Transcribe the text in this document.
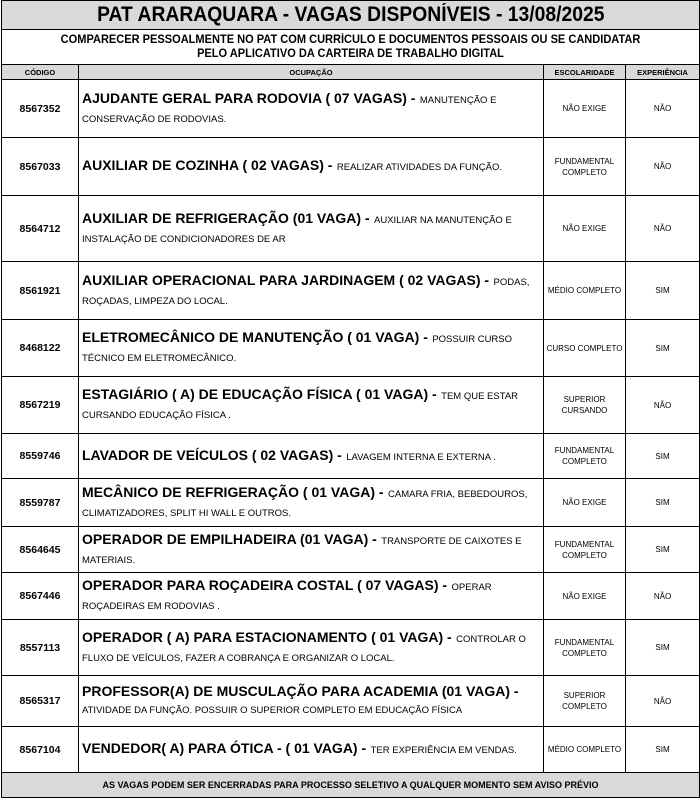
PAT ARARAQUARA - VAGAS DISPONÍVEIS - 13/08/2025			

COMPARECER PESSOALMENTE NO PAT COM CURRÍCULO E DOCUMENTOS PESSOAIS OU SE CANDIDATAR
PELO APLICATIVO DA CARTEIRA DE TRABALHO DIGITAL			

CÓDIGO	OCUPAÇÃO	ESCOLARIDADE	EXPERIÊNCIA
8567352	AJUDANTE GERAL PARA RODOVIA ( 07 VAGAS) - MANUTENÇÃO E CONSERVAÇÃO DE RODOVIAS.	NÃO EXIGE	NÃO
8567033	AUXILIAR DE COZINHA ( 02 VAGAS) - REALIZAR ATIVIDADES DA FUNÇÃO.	FUNDAMENTAL COMPLETO	NÃO
8564712	AUXILIAR DE REFRIGERAÇÃO (01 VAGA) - AUXILIAR NA MANUTENÇÃO E INSTALAÇÃO DE CONDICIONADORES DE AR	NÃO EXIGE	NÃO
8561921	AUXILIAR OPERACIONAL PARA JARDINAGEM ( 02 VAGAS) - PODAS, ROÇADAS, LIMPEZA DO LOCAL.	MÉDIO COMPLETO	SIM
8468122	ELETROMECÂNICO DE MANUTENÇÃO ( 01 VAGA) - POSSUIR CURSO TÉCNICO EM ELETROMECÂNICO.	CURSO COMPLETO	SIM
8567219	ESTAGIÁRIO ( A) DE EDUCAÇÃO FÍSICA ( 01 VAGA) - TEM QUE ESTAR CURSANDO EDUCAÇÃO FÍSICA .	SUPERIOR CURSANDO	NÃO
8559746	LAVADOR DE VEÍCULOS ( 02 VAGAS) - LAVAGEM INTERNA E EXTERNA .	FUNDAMENTAL COMPLETO	SIM
8559787	MECÂNICO DE REFRIGERAÇÃO ( 01 VAGA) - CAMARA FRIA, BEBEDOUROS, CLIMATIZADORES, SPLIT HI WALL E OUTROS.	NÃO EXIGE	SIM
8564645	OPERADOR DE EMPILHADEIRA (01 VAGA) - TRANSPORTE DE CAIXOTES E MATERIAIS.	FUNDAMENTAL COMPLETO	SIM
8567446	OPERADOR PARA ROÇADEIRA COSTAL ( 07 VAGAS) - OPERAR ROÇADEIRAS EM RODOVIAS .	NÃO EXIGE	NÃO
8557113	OPERADOR ( A) PARA ESTACIONAMENTO ( 01 VAGA) - CONTROLAR O FLUXO DE VEÍCULOS, FAZER A COBRANÇA E ORGANIZAR O LOCAL.	FUNDAMENTAL COMPLETO	SIM
8565317	PROFESSOR(A) DE MUSCULAÇÃO PARA ACADEMIA (01 VAGA) - ATIVIDADE DA FUNÇÃO. POSSUIR O SUPERIOR COMPLETO EM EDUCAÇÃO FÍSICA	SUPERIOR COMPLETO	NÃO
8567104	VENDEDOR( A) PARA ÓTICA - ( 01 VAGA) - TER EXPERIÊNCIA EM VENDAS.	MÉDIO COMPLETO	SIM
AS VAGAS PODEM SER ENCERRADAS PARA PROCESSO SELETIVO A QUALQUER MOMENTO SEM AVISO PRÉVIO			
